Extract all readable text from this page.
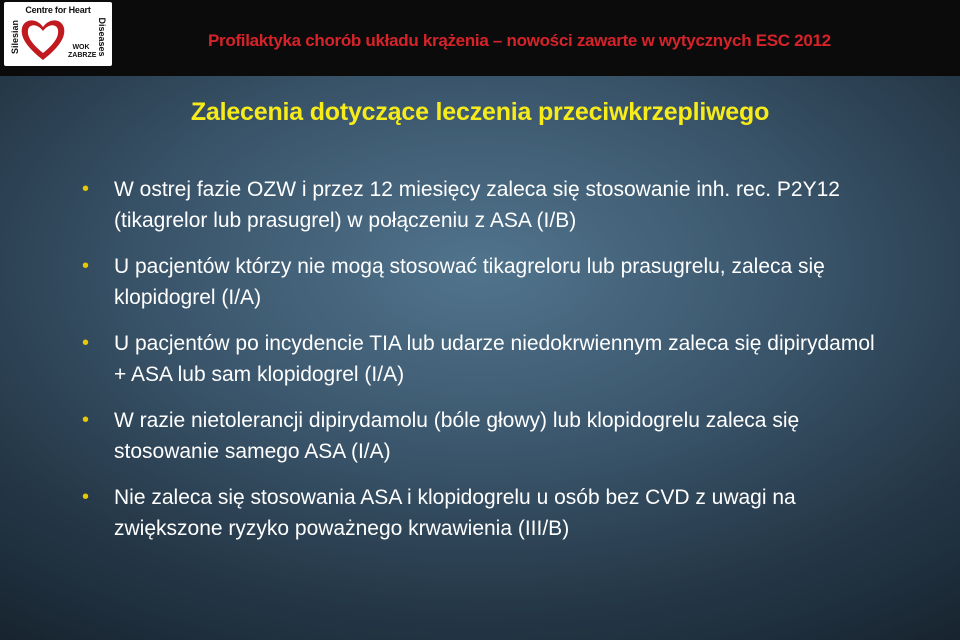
Centre for Heart
Silesian	Diseases
WOK
ZABRZE
Profilaktyka chorób układu krążenia – nowości zawarte w wytycznych ESC 2012
Zalecenia dotyczące leczenia przeciwkrzepliwego
• W ostrej fazie OZW i przez 12 miesięcy zaleca się stosowanie inh. rec. P2Y12 (tikagrelor lub prasugrel) w połączeniu z ASA (I/B)
• U pacjentów którzy nie mogą stosować tikagreloru lub prasugrelu, zaleca się klopidogrel (I/A)
• U pacjentów po incydencie TIA lub udarze niedokrwiennym zaleca się dipirydamol + ASA lub sam klopidogrel (I/A)
• W razie nietolerancji dipirydamolu (bóle głowy) lub klopidogrelu zaleca się stosowanie samego ASA (I/A)
• Nie zaleca się stosowania ASA i klopidogrelu u osób bez CVD z uwagi na zwiększone ryzyko poważnego krwawienia (III/B)
